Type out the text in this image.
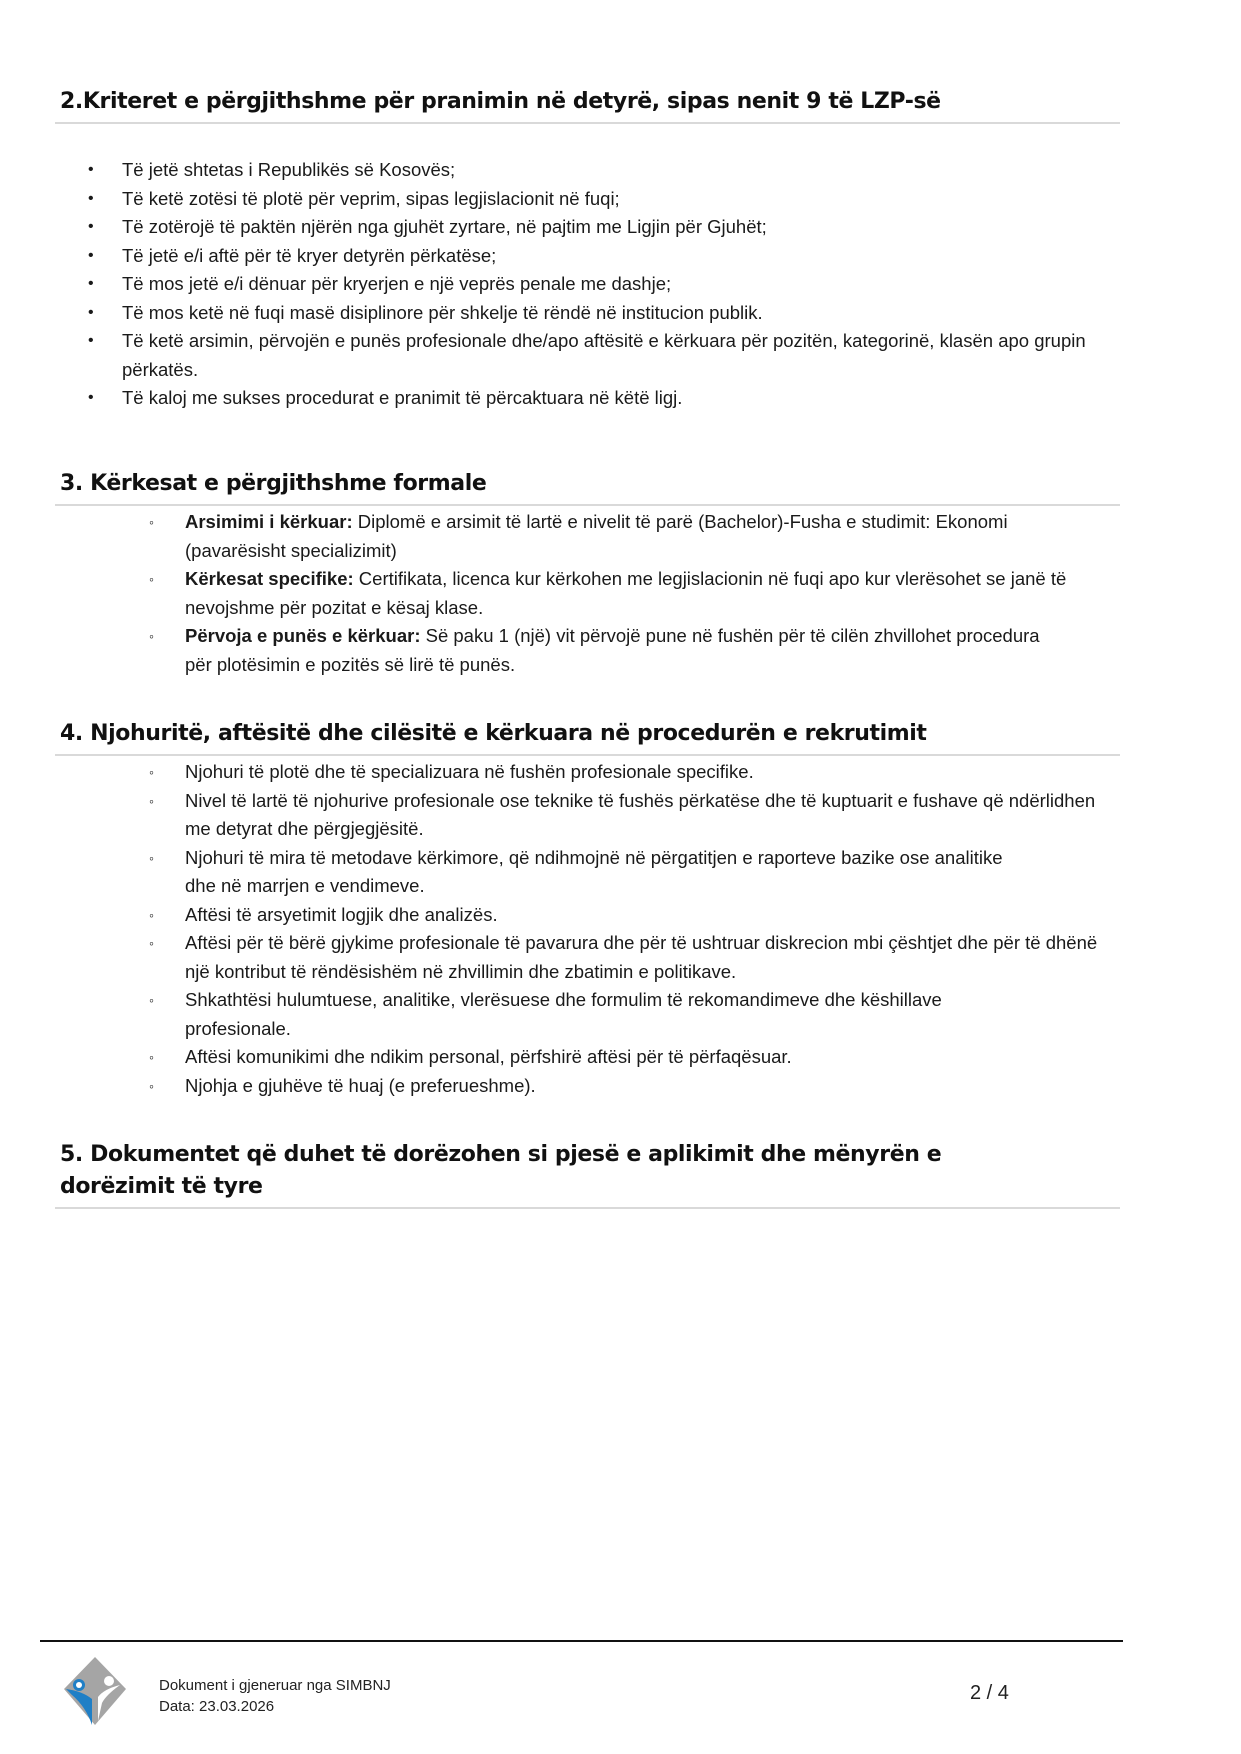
2.Kriteret e përgjithshme për pranimin në detyrë, sipas nenit 9 të LZP-së
• Të jetë shtetas i Republikës së Kosovës;
• Të ketë zotësi të plotë për veprim, sipas legjislacionit në fuqi;
• Të zotërojë të paktën njërën nga gjuhët zyrtare, në pajtim me Ligjin për Gjuhët;
• Të jetë e/i aftë për të kryer detyrën përkatëse;
• Të mos jetë e/i dënuar për kryerjen e një veprës penale me dashje;
• Të mos ketë në fuqi masë disiplinore për shkelje të rëndë në institucion publik.
• Të ketë arsimin, përvojën e punës profesionale dhe/apo aftësitë e kërkuara për pozitën, kategorinë, klasën apo grupin përkatës.
• Të kaloj me sukses procedurat e pranimit të përcaktuara në këtë ligj.
3. Kërkesat e përgjithshme formale
◦ Arsimimi i kërkuar: Diplomë e arsimit të lartë e nivelit të parë (Bachelor)-Fusha e studimit: Ekonomi (pavarësisht specializimit)
◦ Kërkesat specifike: Certifikata, licenca kur kërkohen me legjislacionin në fuqi apo kur vlerësohet se janë të nevojshme për pozitat e kësaj klase.
◦ Përvoja e punës e kërkuar: Së paku 1 (një) vit përvojë pune në fushën për të cilën zhvillohet procedura për plotësimin e pozitës së lirë të punës.
4. Njohuritë, aftësitë dhe cilësitë e kërkuara në procedurën e rekrutimit
◦ Njohuri të plotë dhe të specializuara në fushën profesionale specifike.
◦ Nivel të lartë të njohurive profesionale ose teknike të fushës përkatëse dhe të kuptuarit e fushave që ndërlidhen me detyrat dhe përgjegjësitë.
◦ Njohuri të mira të metodave kërkimore, që ndihmojnë në përgatitjen e raporteve bazike ose analitike dhe në marrjen e vendimeve.
◦ Aftësi të arsyetimit logjik dhe analizës.
◦ Aftësi për të bërë gjykime profesionale të pavarura dhe për të ushtruar diskrecion mbi çështjet dhe për të dhënë një kontribut të rëndësishëm në zhvillimin dhe zbatimin e politikave.
◦ Shkathtësi hulumtuese, analitike, vlerësuese dhe formulim të rekomandimeve dhe këshillave profesionale.
◦ Aftësi komunikimi dhe ndikim personal, përfshirë aftësi për të përfaqësuar.
◦ Njohja e gjuhëve të huaj (e preferueshme).
5. Dokumentet që duhet të dorëzohen si pjesë e aplikimit dhe mënyrën e dorëzimit të tyre
Dokument i gjeneruar nga SIMBNJ
Data: 23.03.2026
2 / 4
